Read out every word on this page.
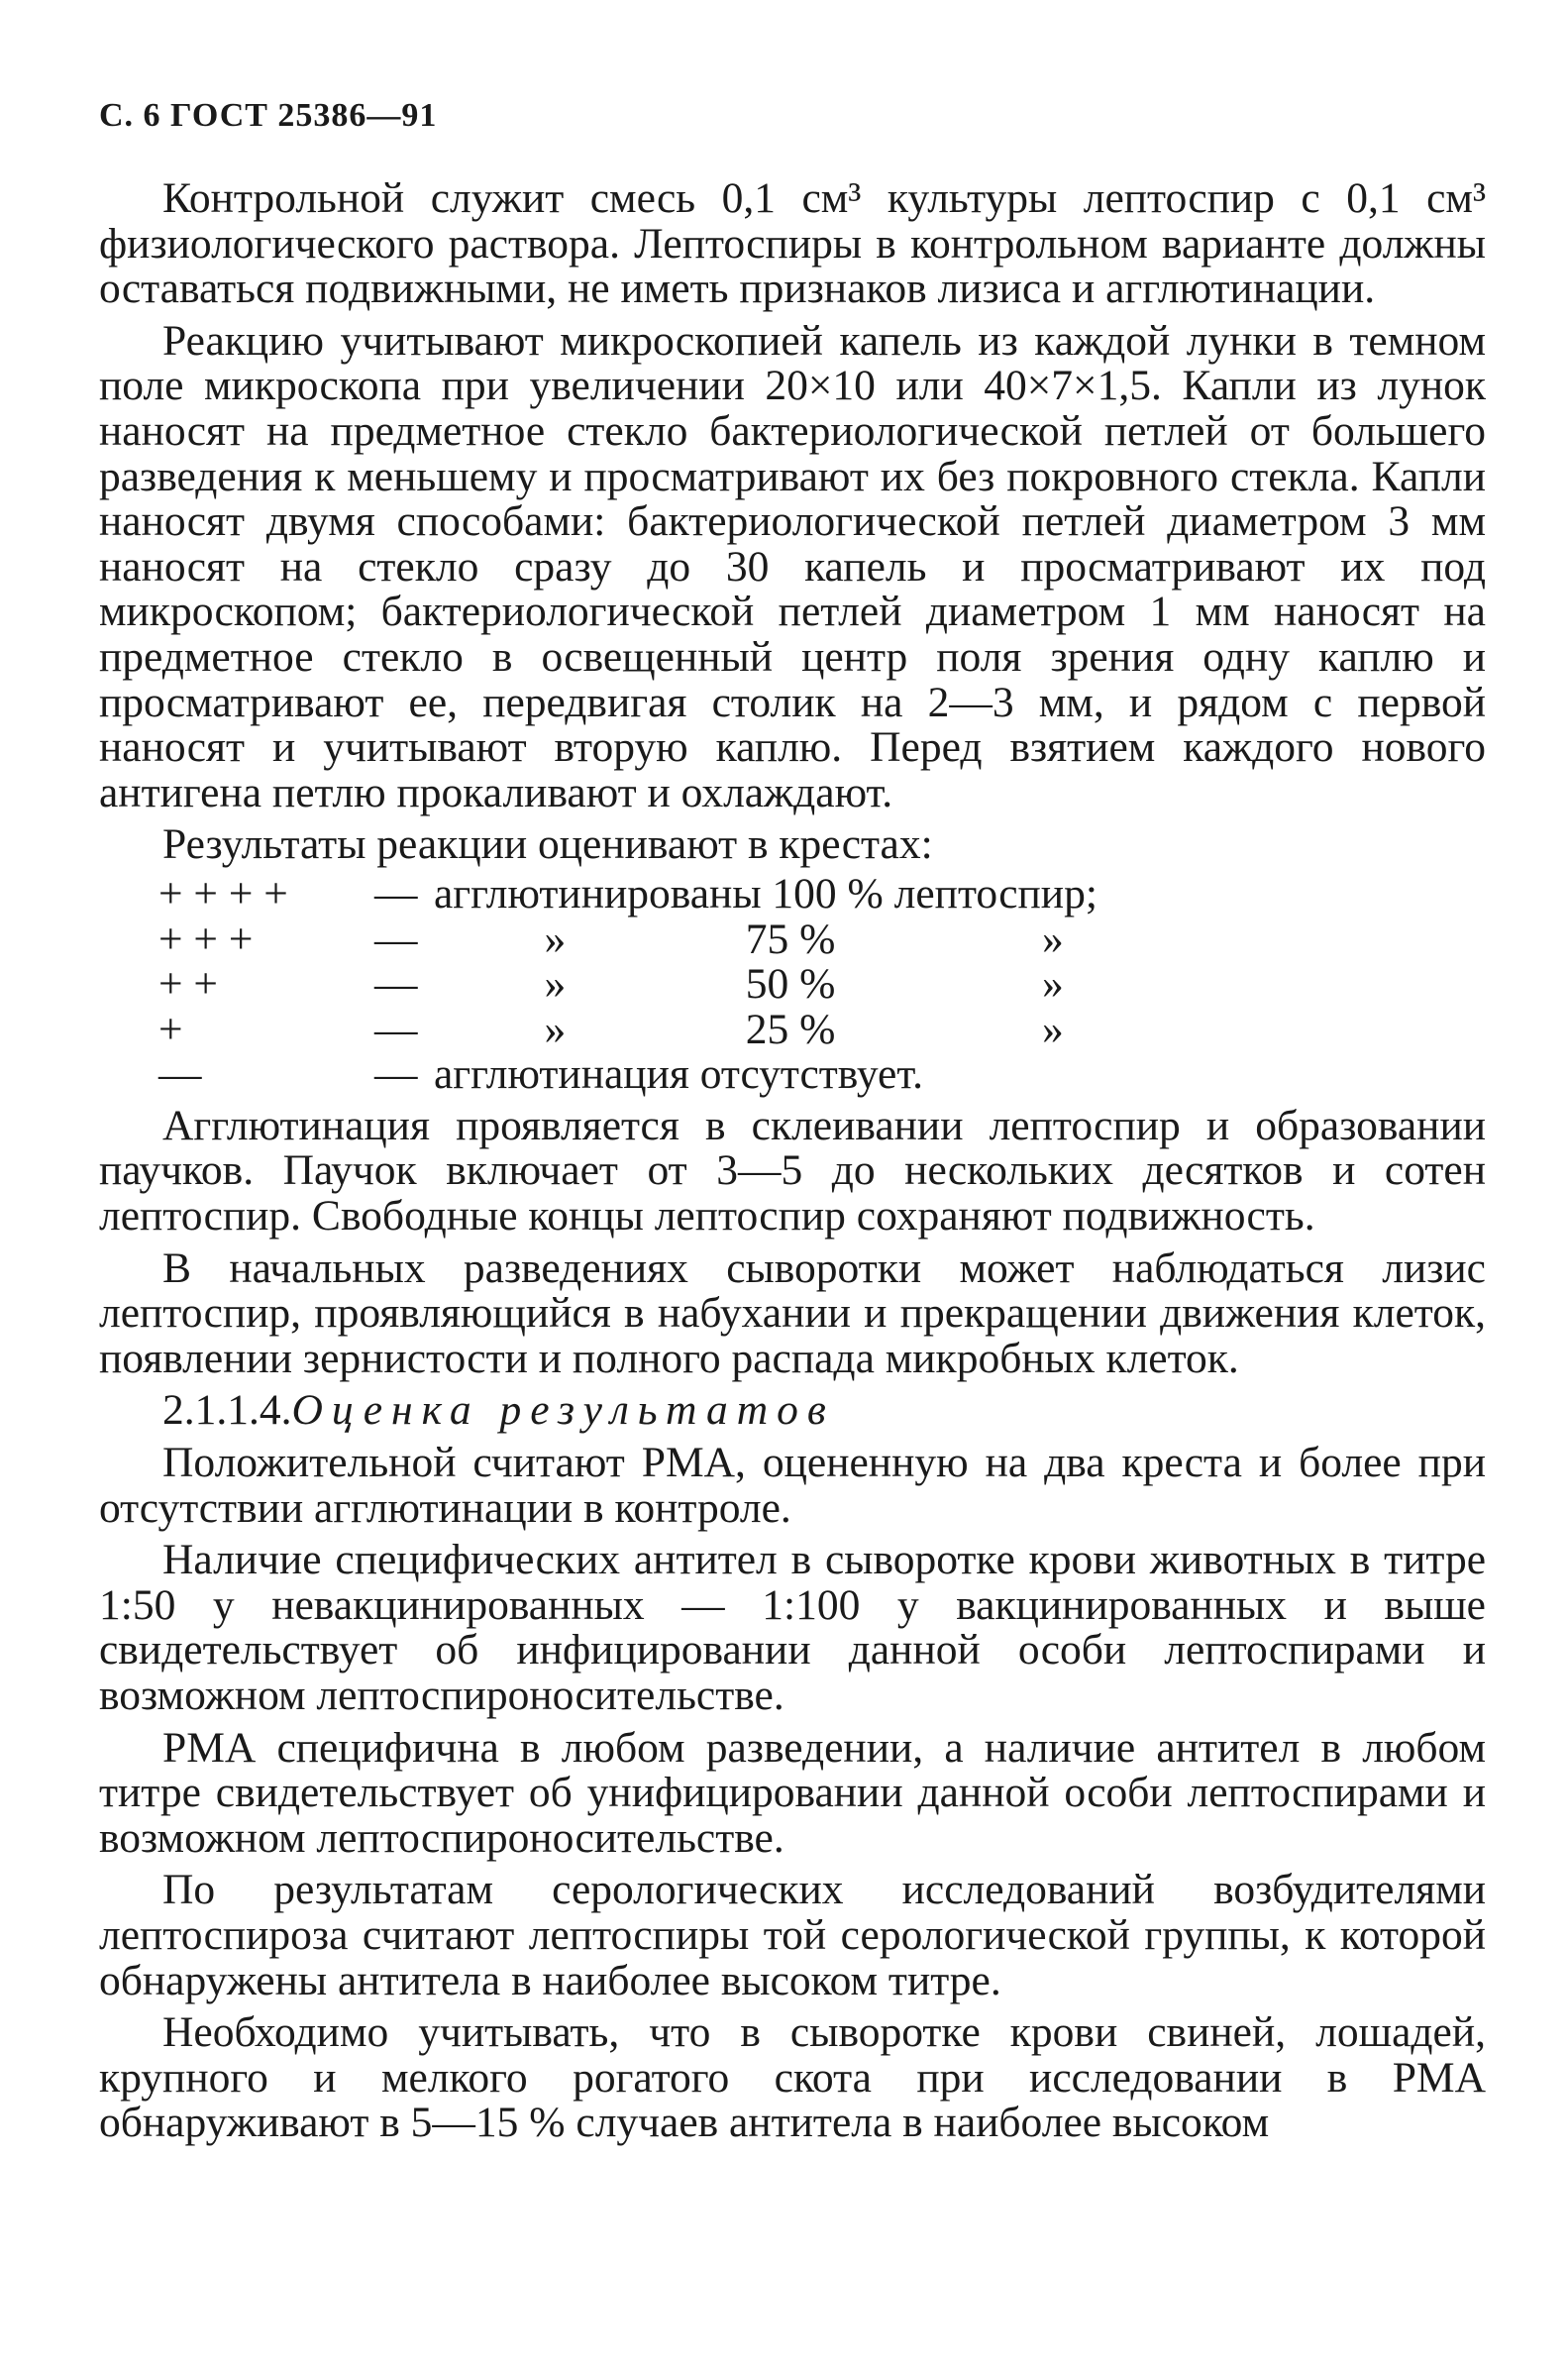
С. 6 ГОСТ 25386—91

Контрольной служит смесь 0,1 см³ культуры лептоспир с 0,1 см³ физиологического раствора. Лептоспиры в контрольном варианте должны оставаться подвижными, не иметь признаков лизиса и агглютинации.

Реакцию учитывают микроскопией капель из каждой лунки в темном поле микроскопа при увеличении 20×10 или 40×7×1,5. Капли из лунок наносят на предметное стекло бактериологической петлей от большего разведения к меньшему и просматривают их без покровного стекла. Капли наносят двумя способами: бактериологической петлей диаметром 3 мм наносят на стекло сразу до 30 капель и просматривают их под микроскопом; бактериологической петлей диаметром 1 мм наносят на предметное стекло в освещенный центр поля зрения одну каплю и просматривают ее, передвигая столик на 2—3 мм, и рядом с первой наносят и учитывают вторую каплю. Перед взятием каждого нового антигена петлю прокаливают и охлаждают.

Результаты реакции оценивают в крестах:

+ + + +	—	агглютинированы 100 % лептоспир;		
+ + +	—	»	75 %	»
+ +	—	»	50 %	»
+	—	»	25 %	»
—	—	агглютинация отсутствует.		

Агглютинация проявляется в склеивании лептоспир и образовании паучков. Паучок включает от 3—5 до нескольких десятков и сотен лептоспир. Свободные концы лептоспир сохраняют подвижность.

В начальных разведениях сыворотки может наблюдаться лизис лептоспир, проявляющийся в набухании и прекращении движения клеток, появлении зернистости и полного распада микробных клеток.

2.1.1.4.Оценка результатов

Положительной считают РМА, оцененную на два креста и более при отсутствии агглютинации в контроле.

Наличие специфических антител в сыворотке крови животных в титре 1:50 у невакцинированных — 1:100 у вакцинированных и выше свидетельствует об инфицировании данной особи лептоспирами и возможном лептоспироносительстве.

РМА специфична в любом разведении, а наличие антител в любом титре свидетельствует об унифицировании данной особи лептоспирами и возможном лептоспироносительстве.

По результатам серологических исследований возбудителями лептоспироза считают лептоспиры той серологической группы, к которой обнаружены антитела в наиболее высоком титре.

Необходимо учитывать, что в сыворотке крови свиней, лошадей, крупного и мелкого рогатого скота при исследовании в РМА обнаруживают в 5—15 % случаев антитела в наиболее высоком
